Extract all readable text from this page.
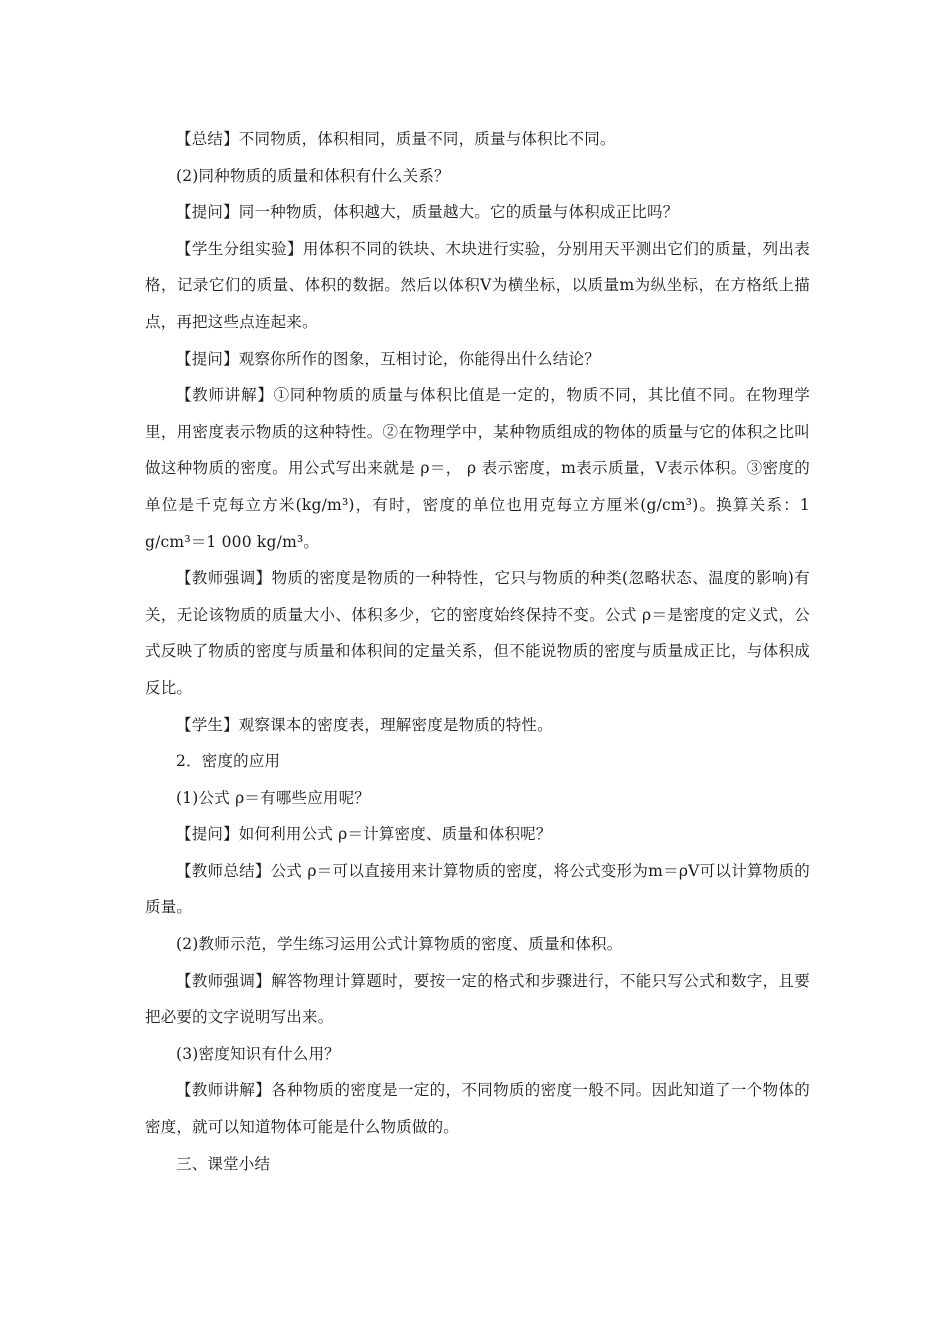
【总结】不同物质，体积相同，质量不同，质量与体积比不同。

(2)同种物质的质量和体积有什么关系？

【提问】同一种物质，体积越大，质量越大。它的质量与体积成正比吗？

【学生分组实验】用体积不同的铁块、木块进行实验，分别用天平测出它们的质量，列出表格，记录它们的质量、体积的数据。然后以体积V为横坐标，以质量m为纵坐标，在方格纸上描点，再把这些点连起来。

【提问】观察你所作的图象，互相讨论，你能得出什么结论？

【教师讲解】①同种物质的质量与体积比值是一定的，物质不同，其比值不同。在物理学里，用密度表示物质的这种特性。②在物理学中，某种物质组成的物体的质量与它的体积之比叫做这种物质的密度。用公式写出来就是 ρ＝， ρ 表示密度，m表示质量，V表示体积。③密度的单位是千克每立方米(kg/m³)，有时，密度的单位也用克每立方厘米(g/cm³)。换算关系：1 g/cm³＝1 000 kg/m³。

【教师强调】物质的密度是物质的一种特性，它只与物质的种类(忽略状态、温度的影响)有关，无论该物质的质量大小、体积多少，它的密度始终保持不变。公式 ρ＝是密度的定义式，公式反映了物质的密度与质量和体积间的定量关系，但不能说物质的密度与质量成正比，与体积成反比。

【学生】观察课本的密度表，理解密度是物质的特性。

2．密度的应用

(1)公式 ρ＝有哪些应用呢？

【提问】如何利用公式 ρ＝计算密度、质量和体积呢？

【教师总结】公式 ρ＝可以直接用来计算物质的密度，将公式变形为m＝ρV可以计算物质的质量。

(2)教师示范，学生练习运用公式计算物质的密度、质量和体积。

【教师强调】解答物理计算题时，要按一定的格式和步骤进行，不能只写公式和数字，且要把必要的文字说明写出来。

(3)密度知识有什么用？

【教师讲解】各种物质的密度是一定的，不同物质的密度一般不同。因此知道了一个物体的密度，就可以知道物体可能是什么物质做的。

三、课堂小结
